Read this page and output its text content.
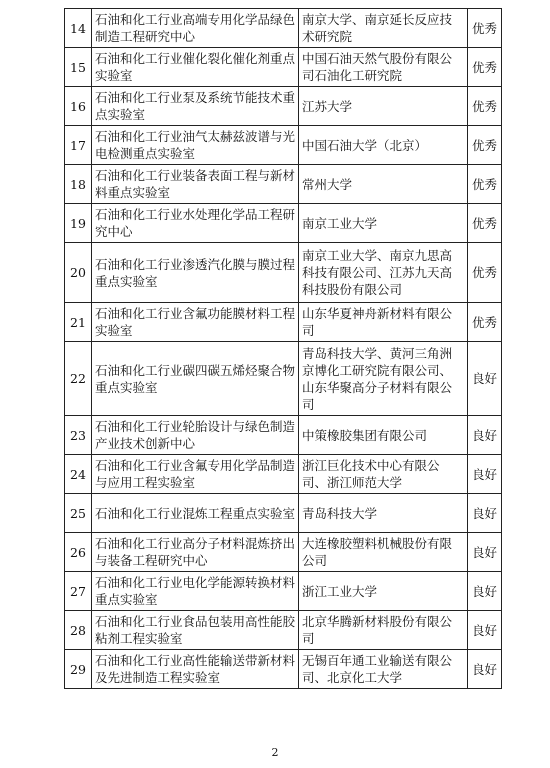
14	石油和化工行业高端专用化学品绿色制造工程研究中心	南京大学、南京延长反应技术研究院	优秀
15	石油和化工行业催化裂化催化剂重点实验室	中国石油天然气股份有限公司石油化工研究院	优秀
16	石油和化工行业泵及系统节能技术重点实验室	江苏大学	优秀
17	石油和化工行业油气太赫兹波谱与光电检测重点实验室	中国石油大学（北京）	优秀
18	石油和化工行业装备表面工程与新材料重点实验室	常州大学	优秀
19	石油和化工行业水处理化学品工程研究中心	南京工业大学	优秀
20	石油和化工行业渗透汽化膜与膜过程重点实验室	南京工业大学、南京九思高科技有限公司、江苏九天高科技股份有限公司	优秀
21	石油和化工行业含氟功能膜材料工程实验室	山东华夏神舟新材料有限公司	优秀
22	石油和化工行业碳四碳五烯烃聚合物重点实验室	青岛科技大学、黄河三角洲京博化工研究院有限公司、山东华聚高分子材料有限公司	良好
23	石油和化工行业轮胎设计与绿色制造产业技术创新中心	中策橡胶集团有限公司	良好
24	石油和化工行业含氟专用化学品制造与应用工程实验室	浙江巨化技术中心有限公司、浙江师范大学	良好
25	石油和化工行业混炼工程重点实验室	青岛科技大学	良好
26	石油和化工行业高分子材料混炼挤出与装备工程研究中心	大连橡胶塑料机械股份有限公司	良好
27	石油和化工行业电化学能源转换材料重点实验室	浙江工业大学	良好
28	石油和化工行业食品包装用高性能胶粘剂工程实验室	北京华腾新材料股份有限公司	良好
29	石油和化工行业高性能输送带新材料及先进制造工程实验室	无锡百年通工业输送有限公司、北京化工大学	良好
2
